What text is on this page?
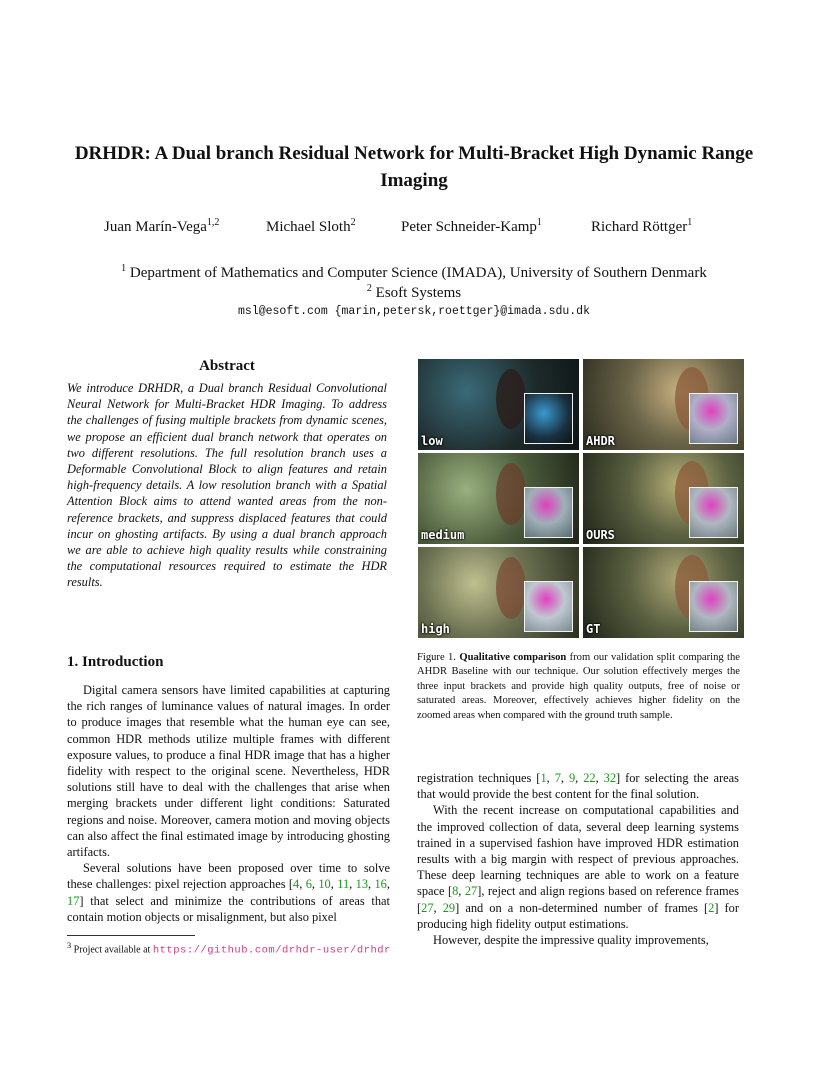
DRHDR: A Dual branch Residual Network for Multi-Bracket High Dynamic Range Imaging
Juan Marín-Vega$^{1,2}$	Michael Sloth$^2$	Peter Schneider-Kamp$^1$	Richard Röttger$^1$
$^1$ Department of Mathematics and Computer Science (IMADA), University of Southern Denmark
$^2$ Esoft Systems
msl@esoft.com {marin,petersk,roettger}@imada.sdu.dk
Abstract
We introduce DRHDR, a Dual branch Residual Convolutional Neural Network for Multi-Bracket HDR Imaging. To address the challenges of fusing multiple brackets from dynamic scenes, we propose an efficient dual branch network that operates on two different resolutions. The full resolution branch uses a Deformable Convolutional Block to align features and retain high-frequency details. A low resolution branch with a Spatial Attention Block aims to attend wanted areas from the non-reference brackets, and suppress displaced features that could incur on ghosting artifacts. By using a dual branch approach we are able to achieve high quality results while constraining the computational resources required to estimate the HDR results.
1. Introduction

Digital camera sensors have limited capabilities at capturing the rich ranges of luminance values of natural images. In order to produce images that resemble what the human eye can see, common HDR methods utilize multiple frames with different exposure values, to produce a final HDR image that has a higher fidelity with respect to the original scene. Nevertheless, HDR solutions still have to deal with the challenges that arise when merging brackets under different light conditions: Saturated regions and noise. Moreover, camera motion and moving objects can also affect the final estimated image by introducing ghosting artifacts.

Several solutions have been proposed over time to solve these challenges: pixel rejection approaches [4, 6, 10, 11, 13, 16, 17] that select and minimize the contributions of areas that contain motion objects or misalignment, but also pixel

$^3$ Project available at https://github.com/drhdr-user/drhdr
low	AHDR
medium	OURS
high	GT
Figure 1. Qualitative comparison from our validation split comparing the AHDR Baseline with our technique. Our solution effectively merges the three input brackets and provide high quality outputs, free of noise or saturated areas. Moreover, effectively achieves higher fidelity on the zoomed areas when compared with the ground truth sample.

registration techniques [1, 7, 9, 22, 32] for selecting the areas that would provide the best content for the final solution.

With the recent increase on computational capabilities and the improved collection of data, several deep learning systems trained in a supervised fashion have improved HDR estimation results with a big margin with respect of previous approaches. These deep learning techniques are able to work on a feature space [8, 27], reject and align regions based on reference frames [27, 29] and on a non-determined number of frames [2] for producing high fidelity output estimations.

However, despite the impressive quality improvements,
